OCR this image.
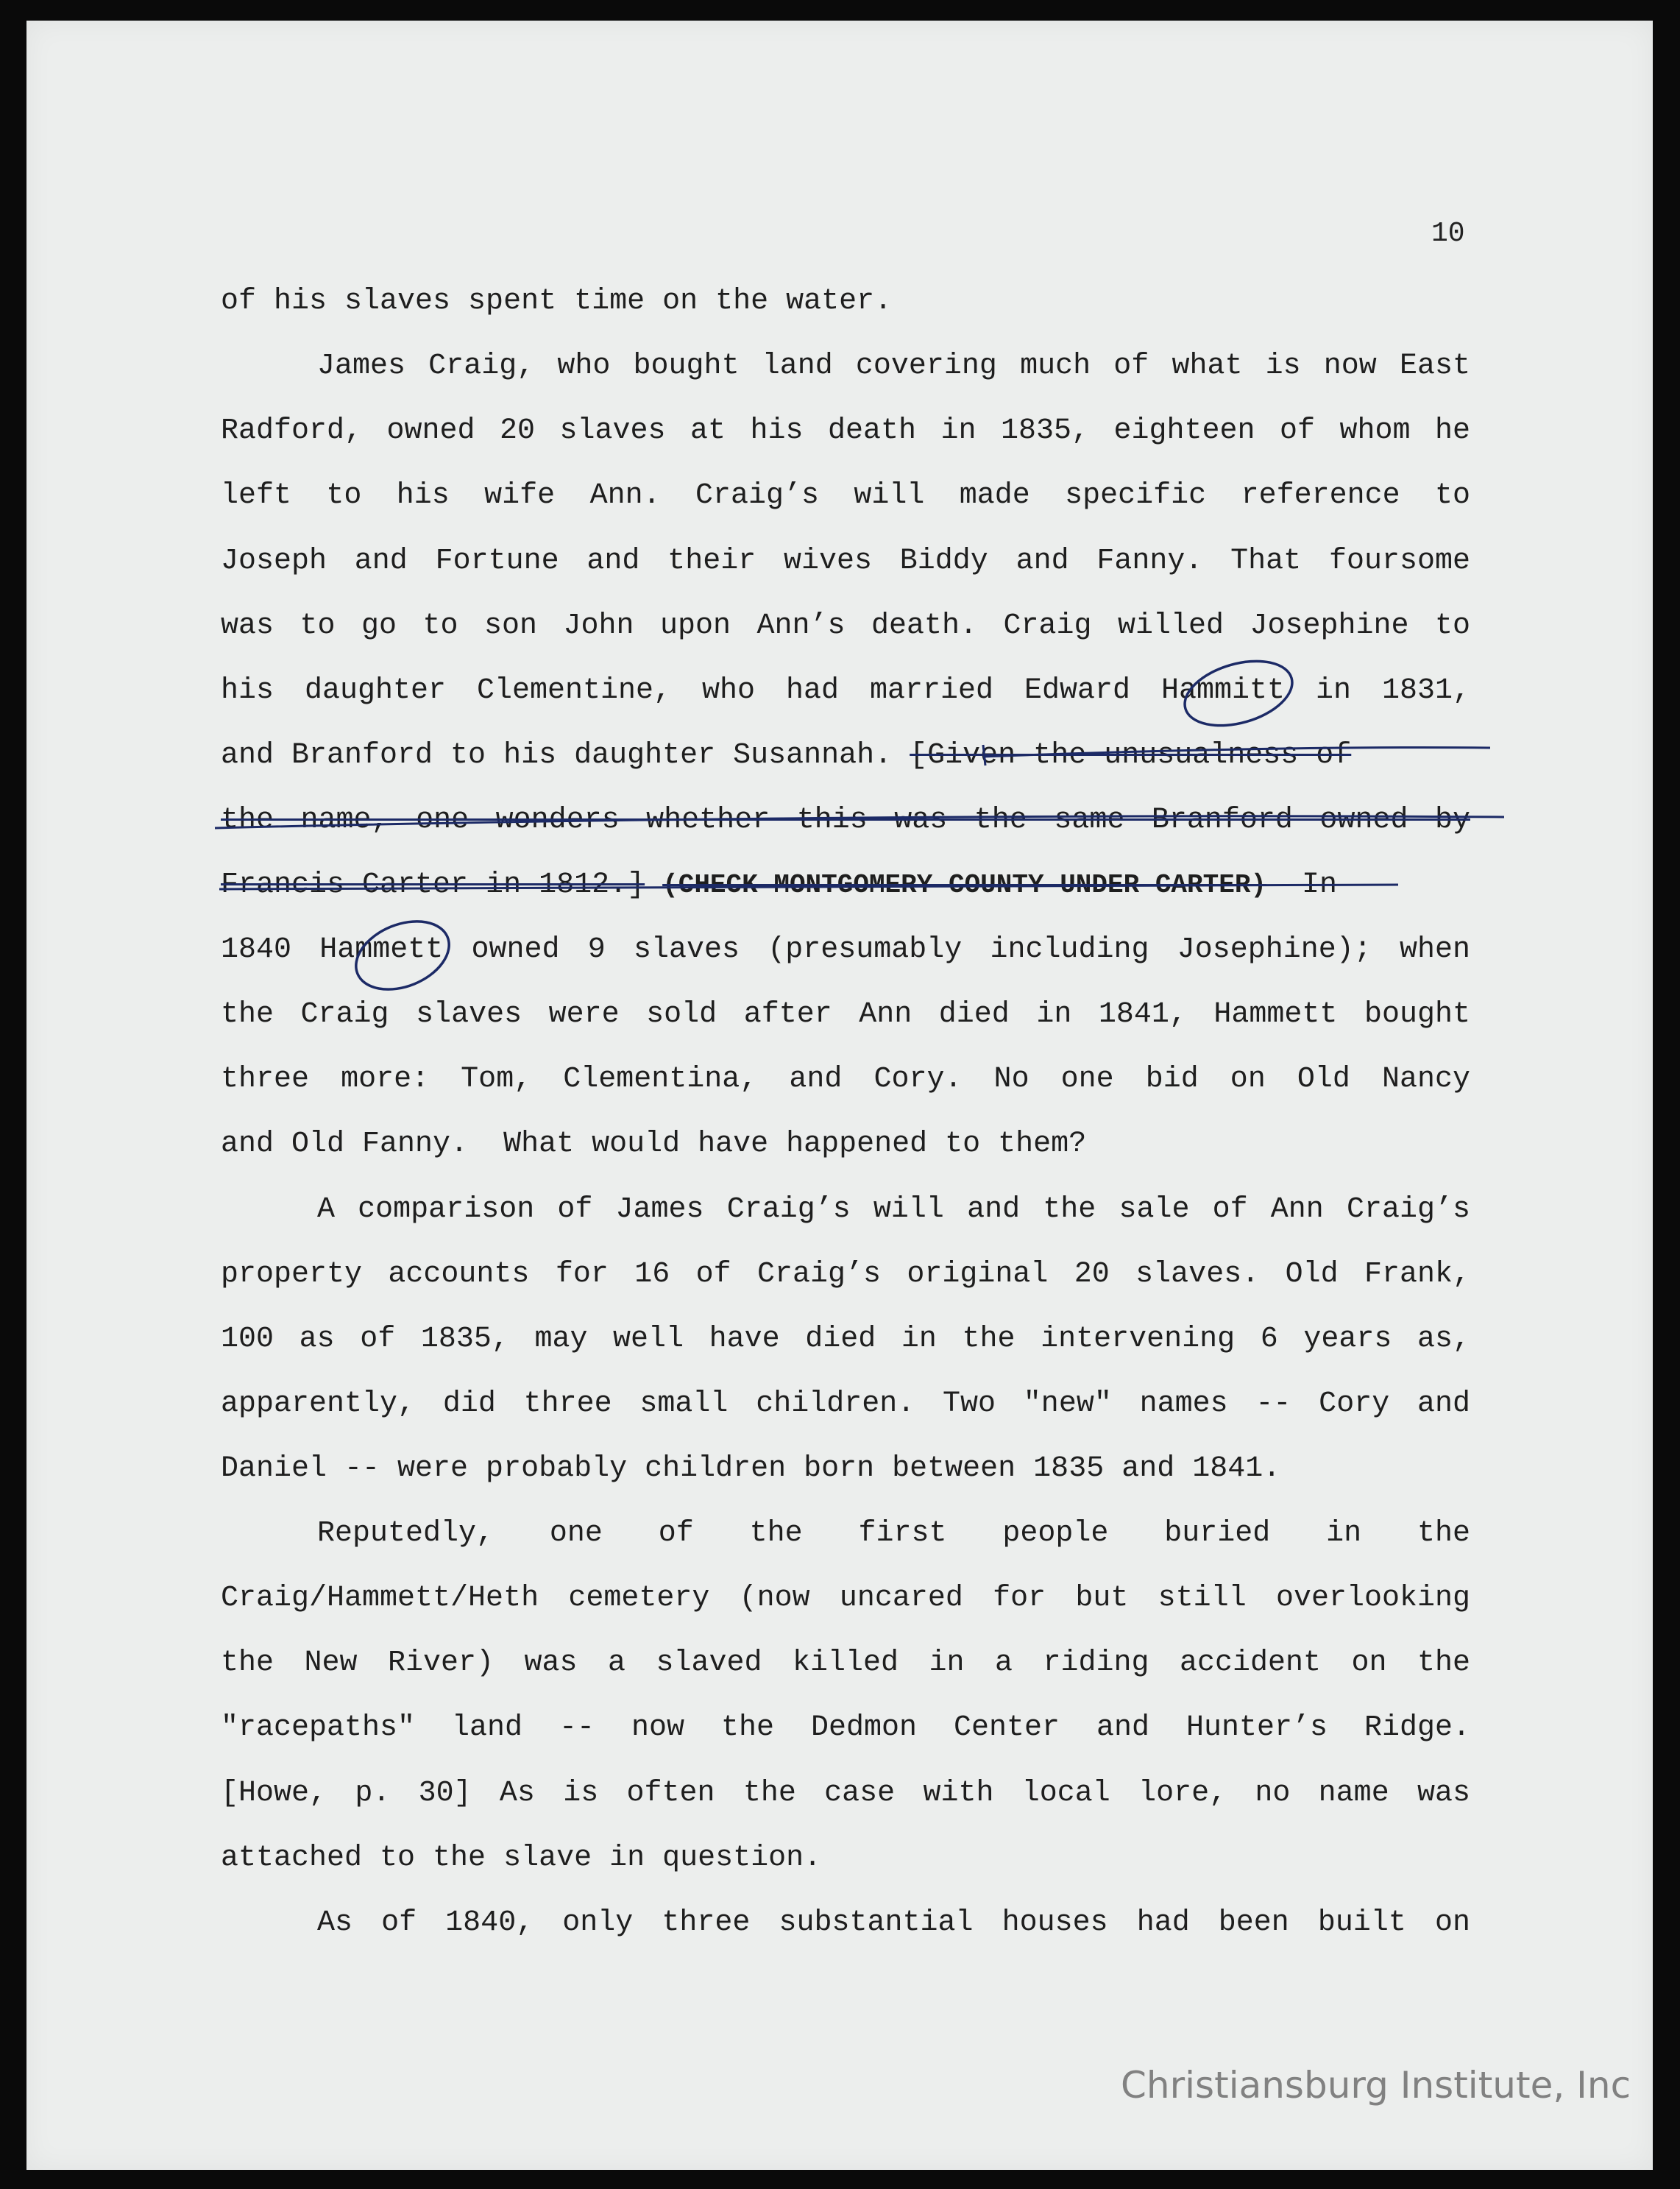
10
of his slaves spent time on the water.
James Craig, who bought land covering much of what is now East
Radford, owned 20 slaves at his death in 1835, eighteen of whom he
left to his wife Ann. Craig’s will made specific reference to
Joseph and Fortune and their wives Biddy and Fanny. That foursome
was to go to son John upon Ann’s death. Craig willed Josephine to
his daughter Clementine, who had married Edward Hammitt in 1831,
and Branford to his daughter Susannah. [Given the unusualness of
the name, one wonders whether this was the same Branford owned by
Francis Carter in 1812.] (CHECK MONTGOMERY COUNTY UNDER CARTER)  In
1840 Hammett owned 9 slaves (presumably including Josephine); when
the Craig slaves were sold after Ann died in 1841, Hammett bought
three more: Tom, Clementina, and Cory. No one bid on Old Nancy
and Old Fanny.  What would have happened to them?
A comparison of James Craig’s will and the sale of Ann Craig’s
property accounts for 16 of Craig’s original 20 slaves. Old Frank,
100 as of 1835, may well have died in the intervening 6 years as,
apparently, did three small children. Two "new" names -- Cory and
Daniel -- were probably children born between 1835 and 1841.
Reputedly, one of the first people buried in the
Craig/Hammett/Heth cemetery (now uncared for but still overlooking
the New River) was a slaved killed in a riding accident on the
"racepaths" land -- now the Dedmon Center and Hunter’s Ridge.
[Howe, p. 30] As is often the case with local lore, no name was
attached to the slave in question.
As of 1840, only three substantial houses had been built on
Christiansburg Institute, Inc
